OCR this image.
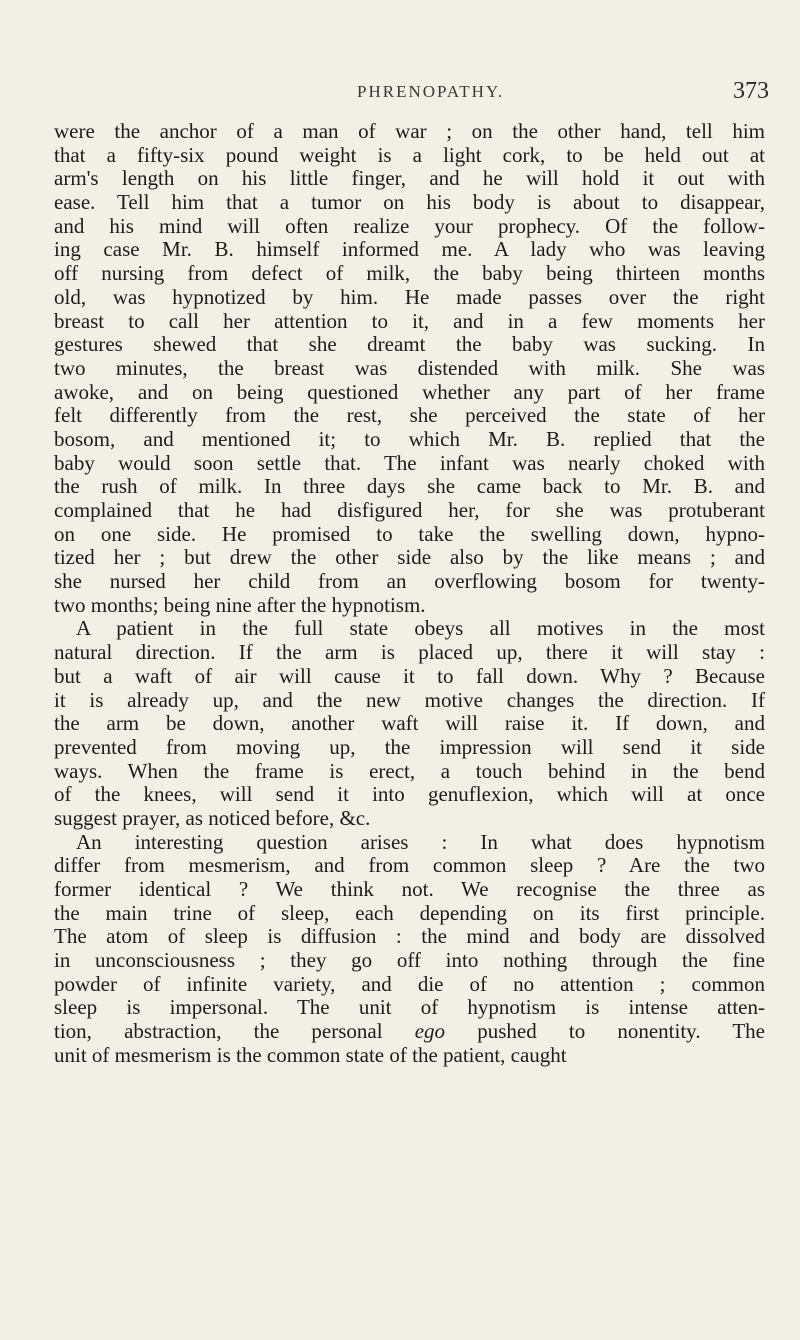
PHRENOPATHY.	373
were the anchor of a man of war ; on the other hand, tell him
that a fifty-six pound weight is a light cork, to be held out at
arm's length on his little finger, and he will hold it out with
ease. Tell him that a tumor on his body is about to disappear,
and his mind will often realize your prophecy. Of the follow-
ing case Mr. B. himself informed me. A lady who was leaving
off nursing from defect of milk, the baby being thirteen months
old, was hypnotized by him. He made passes over the right
breast to call her attention to it, and in a few moments her
gestures shewed that she dreamt the baby was sucking. In
two minutes, the breast was distended with milk. She was
awoke, and on being questioned whether any part of her frame
felt differently from the rest, she perceived the state of her
bosom, and mentioned it; to which Mr. B. replied that the
baby would soon settle that. The infant was nearly choked with
the rush of milk. In three days she came back to Mr. B. and
complained that he had disfigured her, for she was protuberant
on one side. He promised to take the swelling down, hypno-
tized her ; but drew the other side also by the like means ; and
she nursed her child from an overflowing bosom for twenty-
two months; being nine after the hypnotism.
A patient in the full state obeys all motives in the most
natural direction. If the arm is placed up, there it will stay :
but a waft of air will cause it to fall down. Why ? Because
it is already up, and the new motive changes the direction. If
the arm be down, another waft will raise it. If down, and
prevented from moving up, the impression will send it side
ways. When the frame is erect, a touch behind in the bend
of the knees, will send it into genuflexion, which will at once
suggest prayer, as noticed before, &c.
An interesting question arises : In what does hypnotism
differ from mesmerism, and from common sleep ? Are the two
former identical ? We think not. We recognise the three as
the main trine of sleep, each depending on its first principle.
The atom of sleep is diffusion : the mind and body are dissolved
in unconsciousness ; they go off into nothing through the fine
powder of infinite variety, and die of no attention ; common
sleep is impersonal. The unit of hypnotism is intense atten-
tion, abstraction, the personal ego pushed to nonentity. The
unit of mesmerism is the common state of the patient, caught
